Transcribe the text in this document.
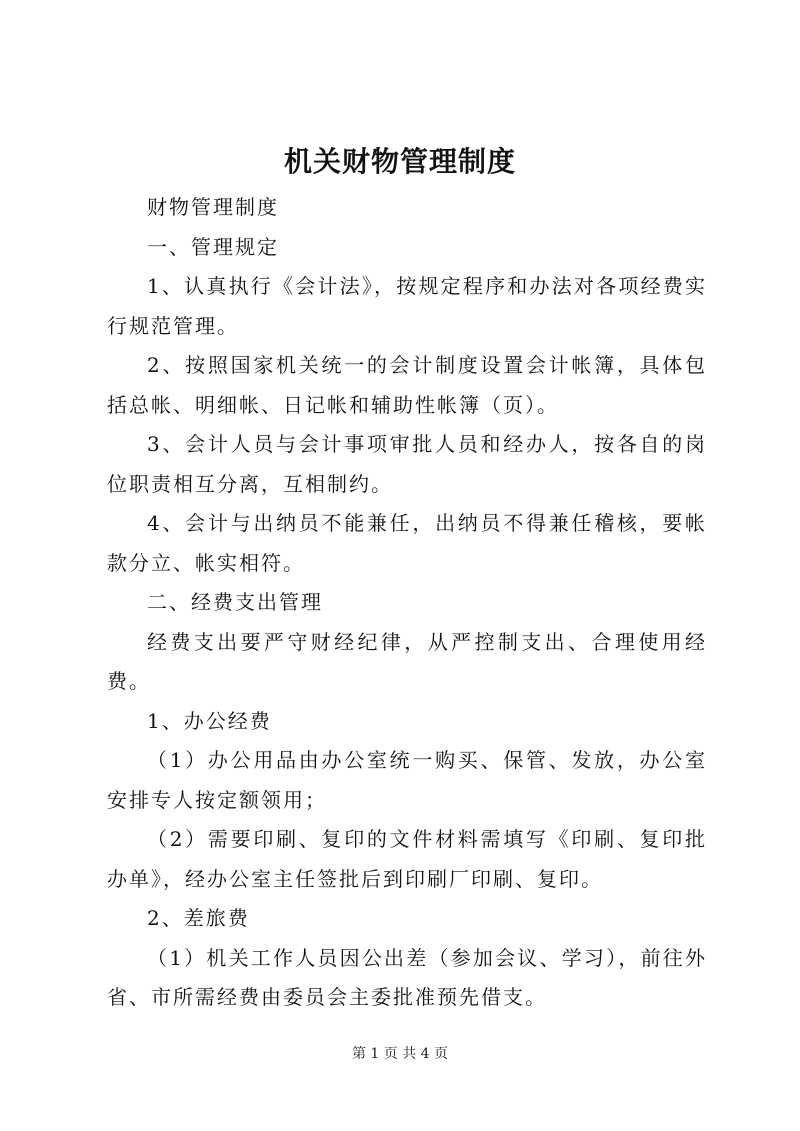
机关财物管理制度

财物管理制度

一、管理规定

1、认真执行《会计法》，按规定程序和办法对各项经费实行规范管理。

2、按照国家机关统一的会计制度设置会计帐簿，具体包括总帐、明细帐、日记帐和辅助性帐簿（页）。

3、会计人员与会计事项审批人员和经办人，按各自的岗位职责相互分离，互相制约。

4、会计与出纳员不能兼任，出纳员不得兼任稽核，要帐款分立、帐实相符。

二、经费支出管理

经费支出要严守财经纪律，从严控制支出、合理使用经费。

1、办公经费

（1）办公用品由办公室统一购买、保管、发放，办公室安排专人按定额领用；

（2）需要印刷、复印的文件材料需填写《印刷、复印批办单》，经办公室主任签批后到印刷厂印刷、复印。

2、差旅费

（1）机关工作人员因公出差（参加会议、学习），前往外省、市所需经费由委员会主委批准预先借支。

第 1 页 共 4 页
